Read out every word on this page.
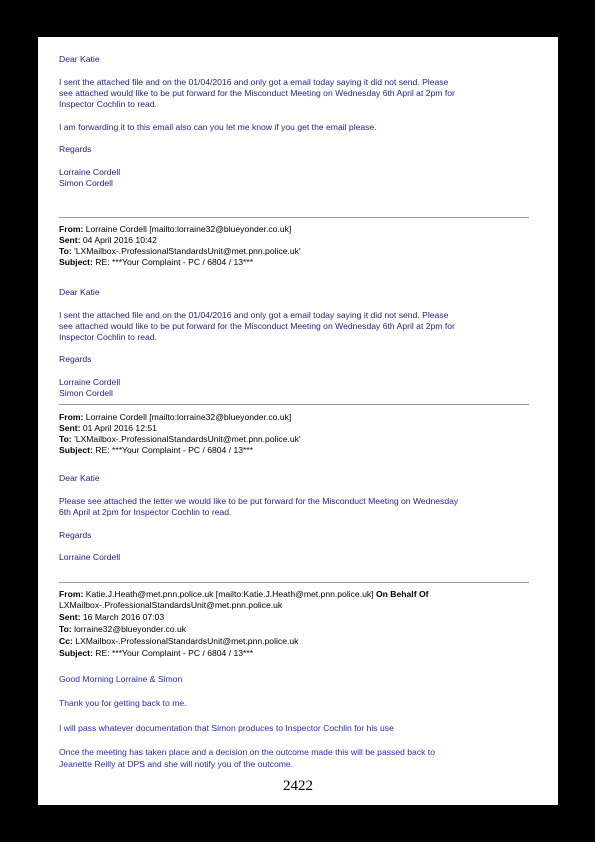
Dear Katie
I sent the attached file and on the 01/04/2016 and only got a email today saying it did not send. Please
see attached would like to be put forward for the Misconduct Meeting on Wednesday 6th April at 2pm for
Inspector Cochlin to read.
I am forwarding it to this email also can you let me know if you get the email please.
Regards
Lorraine Cordell
Simon Cordell
From: Lorraine Cordell [mailto:lorraine32@blueyonder.co.uk]
Sent: 04 April 2016 10:42
To: 'LXMailbox-.ProfessionalStandardsUnit@met.pnn.police.uk'
Subject: RE: ***Your Complaint - PC / 6804 / 13***
Dear Katie
I sent the attached file and on the 01/04/2016 and only got a email today saying it did not send. Please
see attached would like to be put forward for the Misconduct Meeting on Wednesday 6th April at 2pm for
Inspector Cochlin to read.
Regards
Lorraine Cordell
Simon Cordell
From: Lorraine Cordell [mailto:lorraine32@blueyonder.co.uk]
Sent: 01 April 2016 12:51
To: 'LXMailbox-.ProfessionalStandardsUnit@met.pnn.police.uk'
Subject: RE: ***Your Complaint - PC / 6804 / 13***
Dear Katie
Please see attached the letter we would like to be put forward for the Misconduct Meeting on Wednesday
6th April at 2pm for Inspector Cochlin to read.
Regards
Lorraine Cordell
From: Katie.J.Heath@met.pnn.police.uk [mailto:Katie.J.Heath@met.pnn.police.uk] On Behalf Of
LXMailbox-.ProfessionalStandardsUnit@met.pnn.police.uk
Sent: 16 March 2016 07:03
To: lorraine32@blueyonder.co.uk
Cc: LXMailbox-.ProfessionalStandardsUnit@met.pnn.police.uk
Subject: RE: ***Your Complaint - PC / 6804 / 13***
Good Morning Lorraine & Simon
Thank you for getting back to me.
I will pass whatever documentation that Simon produces to Inspector Cochlin for his use
Once the meeting has taken place and a decision on the outcome made this will be passed back to
Jeanette Reilly at DPS and she will notify you of the outcome.
2422
